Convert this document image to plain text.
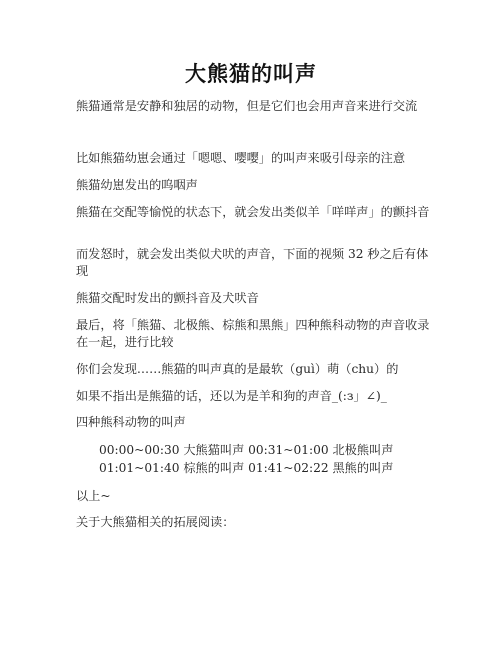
大熊猫的叫声

熊猫通常是安静和独居的动物，但是它们也会用声音来进行交流

比如熊猫幼崽会通过「嗯嗯、嘤嘤」的叫声来吸引母亲的注意

熊猫幼崽发出的呜咽声

熊猫在交配等愉悦的状态下，就会发出类似羊「咩咩声」的颤抖音

而发怒时，就会发出类似犬吠的声音，下面的视频 32 秒之后有体现

熊猫交配时发出的颤抖音及犬吠音

最后，将「熊猫、北极熊、棕熊和黑熊」四种熊科动物的声音收录在一起，进行比较

你们会发现……熊猫的叫声真的是最软（guì）萌（chu）的

如果不指出是熊猫的话，还以为是羊和狗的声音_(:з」∠)_

四种熊科动物的叫声

00:00~00:30 大熊猫叫声 00:31~01:00 北极熊叫声

01:01~01:40 棕熊的叫声 01:41~02:22 黑熊的叫声

以上~

关于大熊猫相关的拓展阅读：
